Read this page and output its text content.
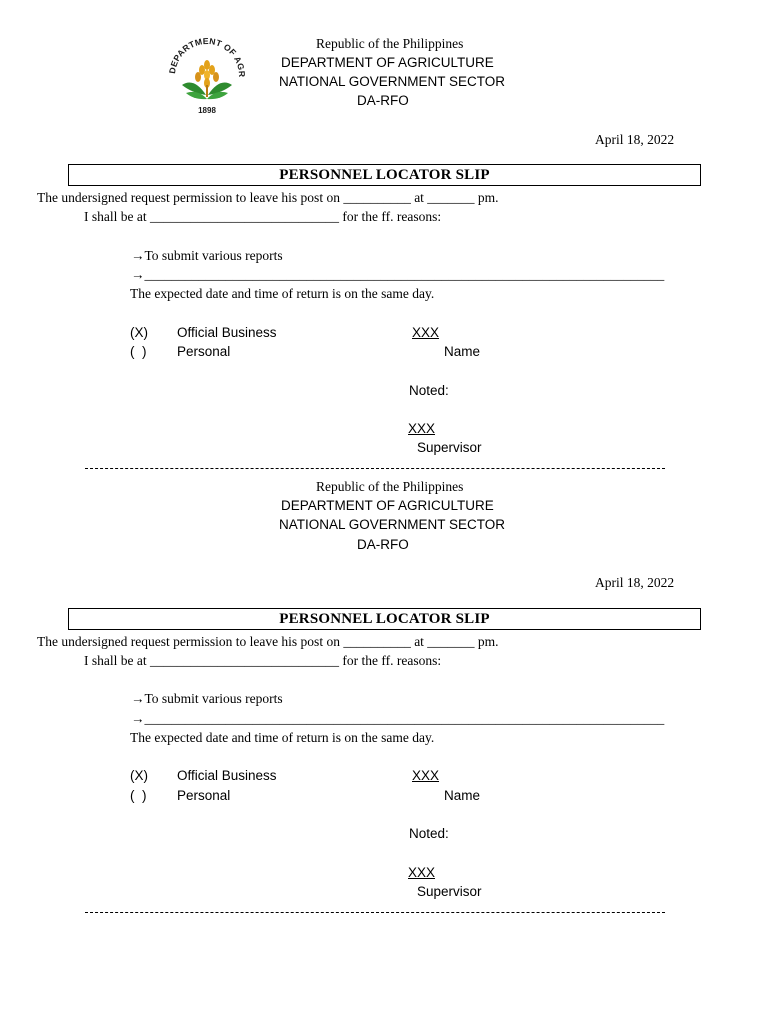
DEPARTMENT OF AGR
1898
Republic of the Philippines
DEPARTMENT OF AGRICULTURE
NATIONAL GOVERNMENT SECTOR
DA-RFO
April 18, 2022
PERSONNEL LOCATOR SLIP
The undersigned request permission to leave his post on __________ at _______ pm.
I shall be at ____________________________ for the ff. reasons:
→To submit various reports
→_____________________________________________________________________________
The expected date and time of return is on the same day.
(X) Official Business	XXX
(  ) Personal	Name
Noted:
XXX
Supervisor
Republic of the Philippines
DEPARTMENT OF AGRICULTURE
NATIONAL GOVERNMENT SECTOR
DA-RFO
April 18, 2022
PERSONNEL LOCATOR SLIP
The undersigned request permission to leave his post on __________ at _______ pm.
I shall be at ____________________________ for the ff. reasons:
→To submit various reports
→_____________________________________________________________________________
The expected date and time of return is on the same day.
(X) Official Business	XXX
(  ) Personal	Name
Noted:
XXX
Supervisor
